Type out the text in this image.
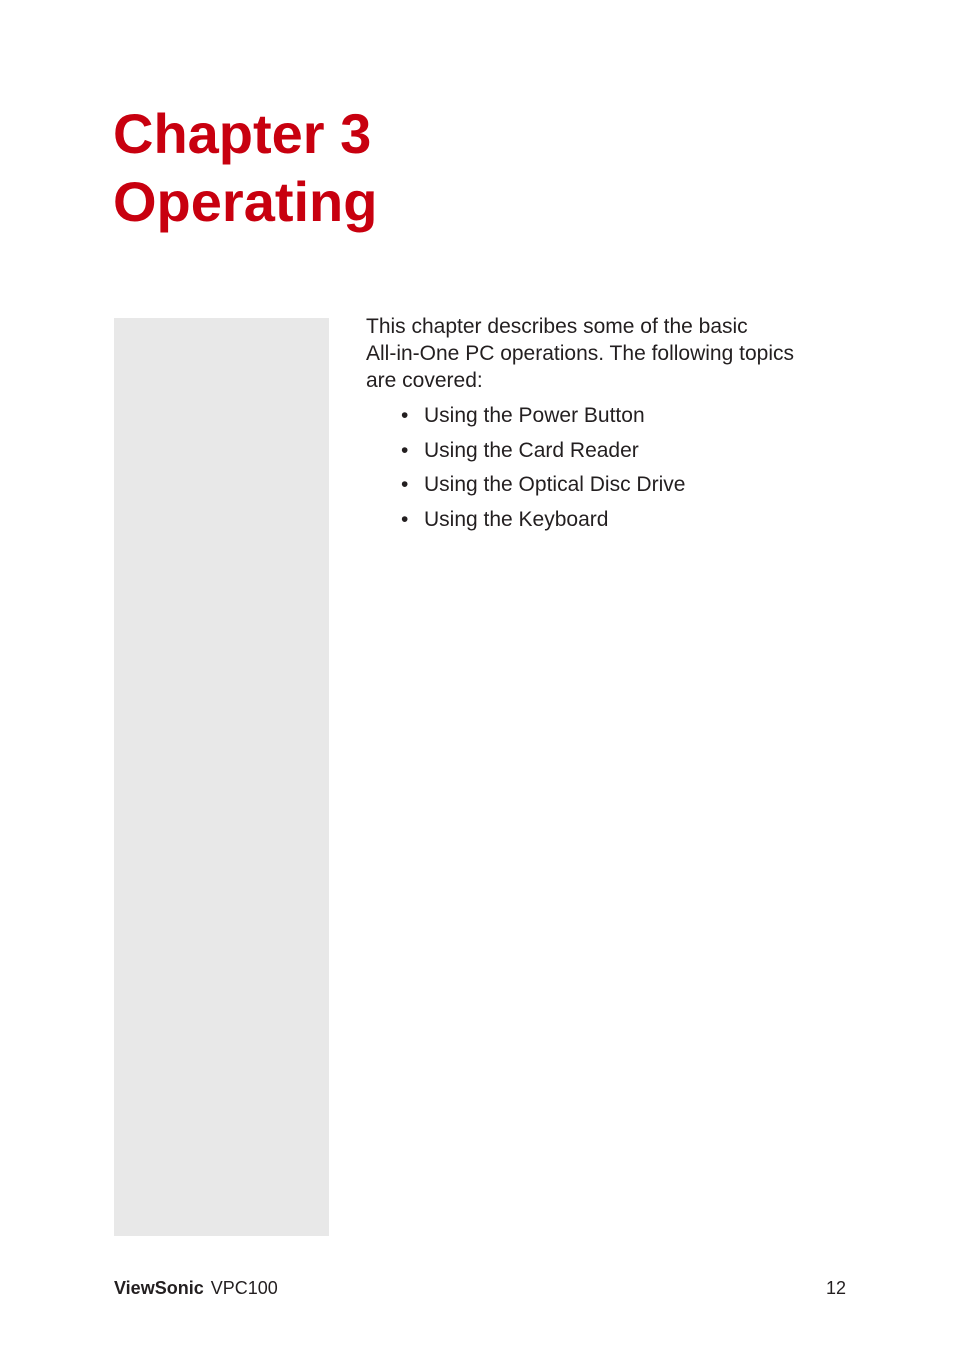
Chapter 3
Operating

This chapter describes some of the basic
All-in-One PC operations. The following topics
are covered:

• Using the Power Button
• Using the Card Reader
• Using the Optical Disc Drive
• Using the Keyboard
ViewSonic VPC100	12
